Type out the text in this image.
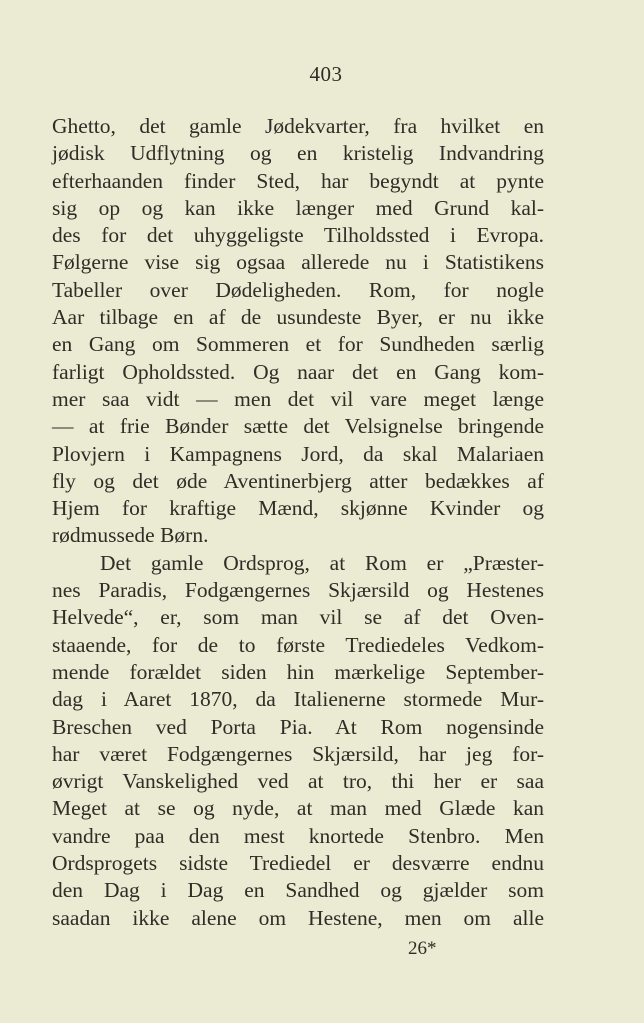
403
Ghetto, det gamle Jødekvarter, fra hvilket en
jødisk Udflytning og en kristelig Indvandring
efterhaanden finder Sted, har begyndt at pynte
sig op og kan ikke længer med Grund kal-
des for det uhyggeligste Tilholdssted i Evropa.
Følgerne vise sig ogsaa allerede nu i Statistikens
Tabeller over Dødeligheden. Rom, for nogle
Aar tilbage en af de usundeste Byer, er nu ikke
en Gang om Sommeren et for Sundheden særlig
farligt Opholdssted. Og naar det en Gang kom-
mer saa vidt — men det vil vare meget længe
— at frie Bønder sætte det Velsignelse bringende
Plovjern i Kampagnens Jord, da skal Malariaen
fly og det øde Aventinerbjerg atter bedækkes af
Hjem for kraftige Mænd, skjønne Kvinder og
rødmussede Børn.
Det gamle Ordsprog, at Rom er „Præster-
nes Paradis, Fodgængernes Skjærsild og Hestenes
Helvede“, er, som man vil se af det Oven-
staaende, for de to første Trediedeles Vedkom-
mende forældet siden hin mærkelige September-
dag i Aaret 1870, da Italienerne stormede Mur-
Breschen ved Porta Pia. At Rom nogensinde
har været Fodgængernes Skjærsild, har jeg for-
øvrigt Vanskelighed ved at tro, thi her er saa
Meget at se og nyde, at man med Glæde kan
vandre paa den mest knortede Stenbro. Men
Ordsprogets sidste Trediedel er desværre endnu
den Dag i Dag en Sandhed og gjælder som
saadan ikke alene om Hestene, men om alle
26*
